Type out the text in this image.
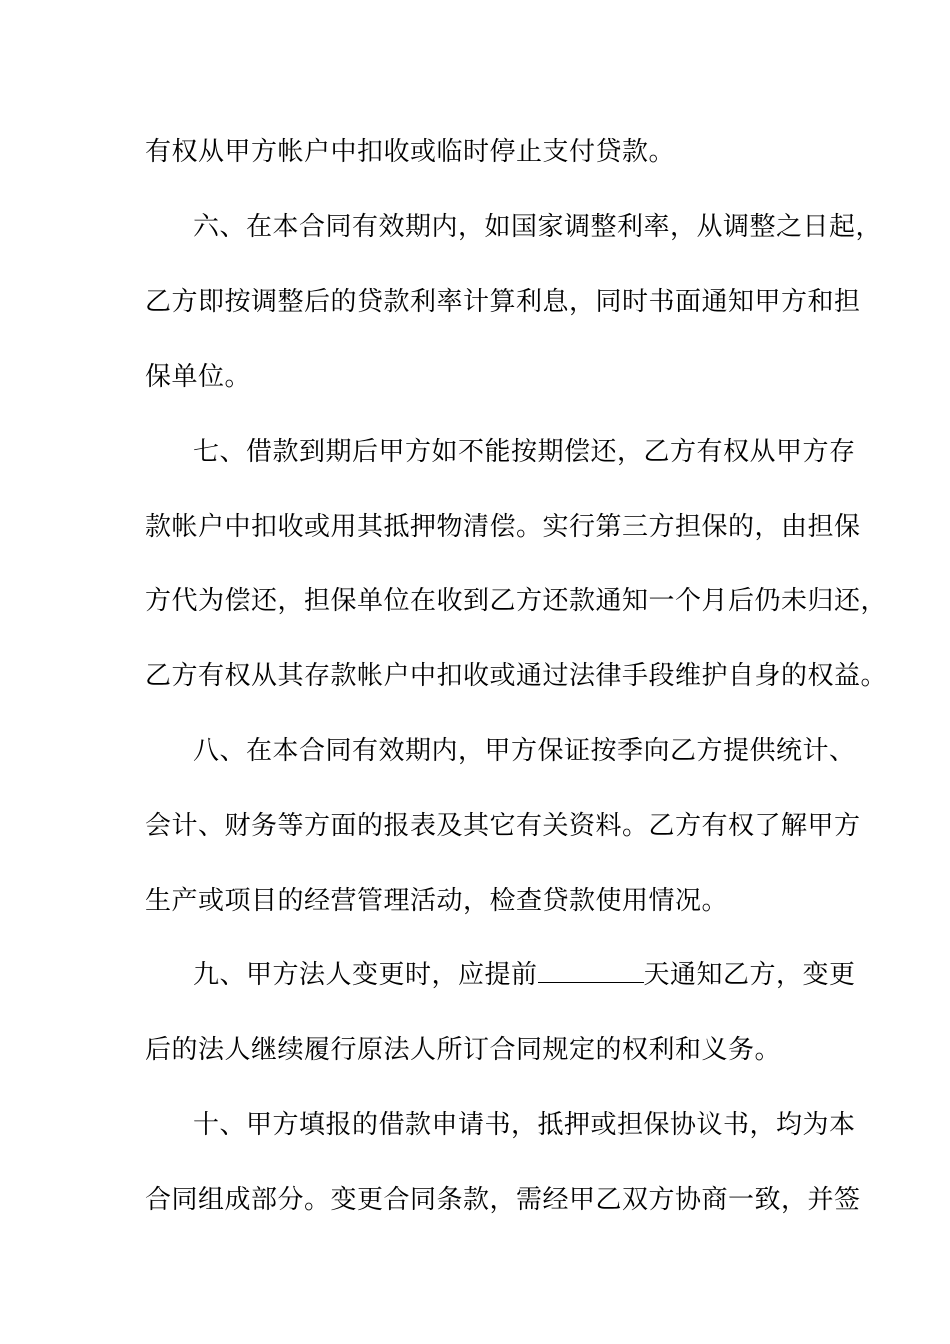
有权从甲方帐户中扣收或临时停止支付贷款。
六、在本合同有效期内，如国家调整利率，从调整之日起，
乙方即按调整后的贷款利率计算利息，同时书面通知甲方和担
保单位。
七、借款到期后甲方如不能按期偿还，乙方有权从甲方存
款帐户中扣收或用其抵押物清偿。实行第三方担保的，由担保
方代为偿还，担保单位在收到乙方还款通知一个月后仍未归还，
乙方有权从其存款帐户中扣收或通过法律手段维护自身的权益。
八、在本合同有效期内，甲方保证按季向乙方提供统计、
会计、财务等方面的报表及其它有关资料。乙方有权了解甲方
生产或项目的经营管理活动，检查贷款使用情况。
九、甲方法人变更时，应提前	天通知乙方，变更
后的法人继续履行原法人所订合同规定的权利和义务。
十、甲方填报的借款申请书，抵押或担保协议书，均为本
合同组成部分。变更合同条款，需经甲乙双方协商一致，并签
